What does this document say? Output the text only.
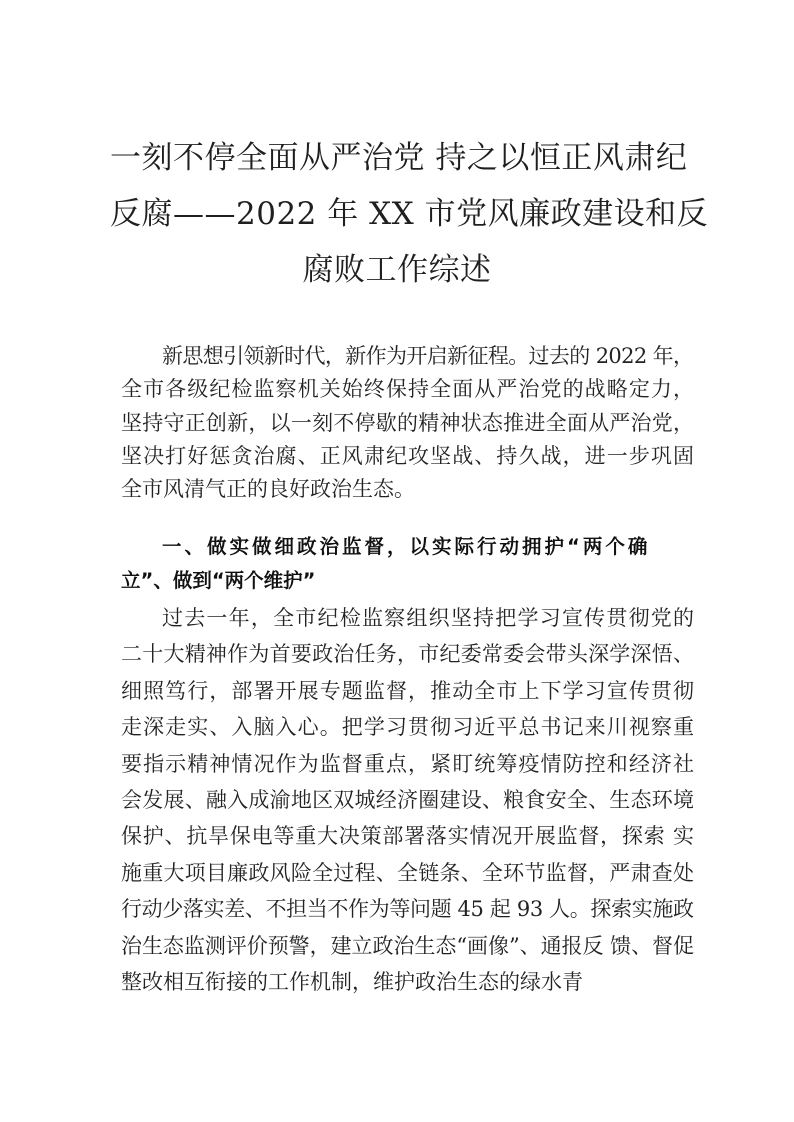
一刻不停全面从严治党 持之以恒正风肃纪
反腐——2022 年 XX 市党风廉政建设和反
腐败工作综述
新思想引领新时代，新作为开启新征程。过去的 2022 年，
全市各级纪检监察机关始终保持全面从严治党的战略定力，
坚持守正创新，以一刻不停歇的精神状态推进全面从严治党，
坚决打好惩贪治腐、正风肃纪攻坚战、持久战，进一步巩固
全市风清气正的良好政治生态。
一、做实做细政治监督，以实际行动拥护“两个确
立”、做到“两个维护”
过去一年，全市纪检监察组织坚持把学习宣传贯彻党的
二十大精神作为首要政治任务，市纪委常委会带头深学深悟、
细照笃行，部署开展专题监督，推动全市上下学习宣传贯彻
走深走实、入脑入心。把学习贯彻习近平总书记来川视察重
要指示精神情况作为监督重点，紧盯统筹疫情防控和经济社
会发展、融入成渝地区双城经济圈建设、粮食安全、生态环境
保护、抗旱保电等重大决策部署落实情况开展监督，探索 实
施重大项目廉政风险全过程、全链条、全环节监督，严肃查处
行动少落实差、不担当不作为等问题 45 起 93 人。探索实施政
治生态监测评价预警，建立政治生态“画像”、通报反 馈、督促
整改相互衔接的工作机制，维护政治生态的绿水青
